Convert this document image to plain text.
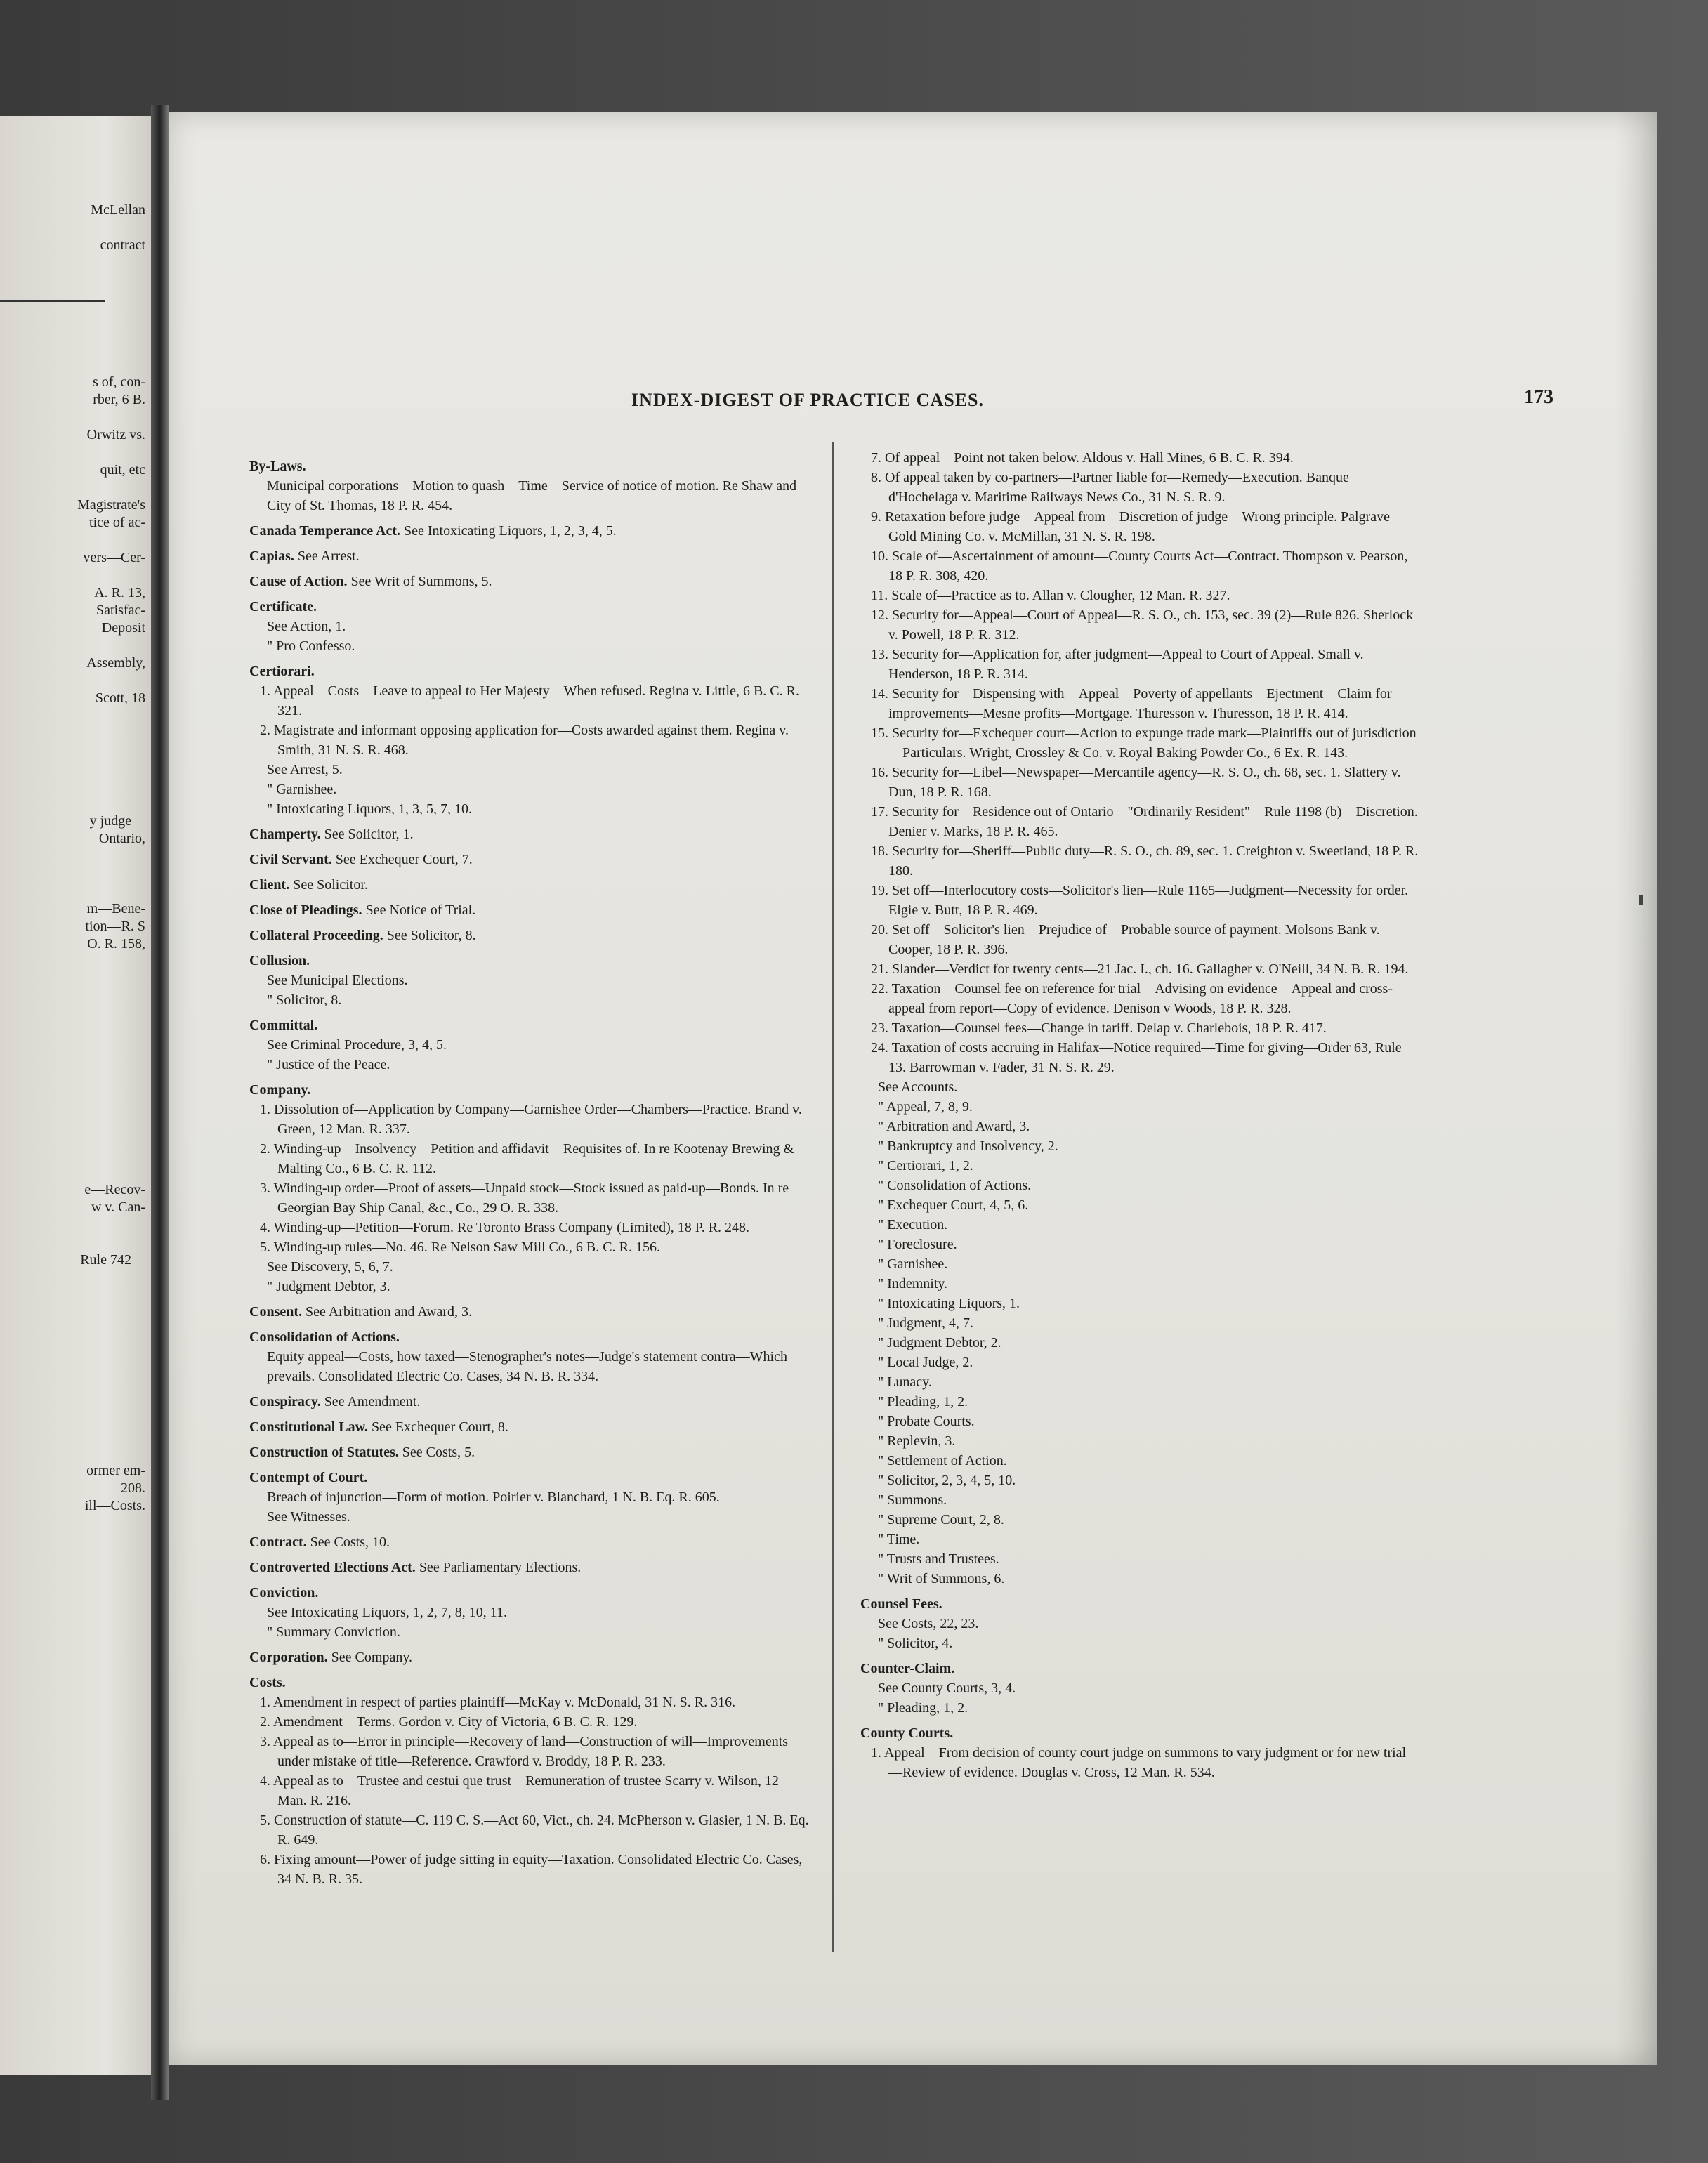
McLellan
contract
s of, con-
rber, 6 B.
Orwitz vs.
quit, etc
Magistrate's
tice of ac-
vers—Cer-
A. R. 13,
Satisfac-
Deposit
Assembly,
Scott, 18
y judge—
Ontario,
m—Bene-
tion—R. S
O. R. 158,
e—Recov-
w v. Can-
Rule 742—
ormer em-
208.
ill—Costs.
INDEX-DIGEST OF PRACTICE CASES.	173
By-Laws.
Municipal corporations—Motion to quash—Time—Service of notice of motion. Re Shaw and City of St. Thomas, 18 P. R. 454.
Canada Temperance Act. See Intoxicating Liquors, 1, 2, 3, 4, 5.
Capias. See Arrest.
Cause of Action. See Writ of Summons, 5.
Certificate.
See Action, 1.
" Pro Confesso.
Certiorari.
1. Appeal—Costs—Leave to appeal to Her Majesty—When refused. Regina v. Little, 6 B. C. R. 321.
2. Magistrate and informant opposing application for—Costs awarded against them. Regina v. Smith, 31 N. S. R. 468.
See Arrest, 5.
" Garnishee.
" Intoxicating Liquors, 1, 3, 5, 7, 10.
Champerty. See Solicitor, 1.
Civil Servant. See Exchequer Court, 7.
Client. See Solicitor.
Close of Pleadings. See Notice of Trial.
Collateral Proceeding. See Solicitor, 8.
Collusion.
See Municipal Elections.
" Solicitor, 8.
Committal.
See Criminal Procedure, 3, 4, 5.
" Justice of the Peace.
Company.
1. Dissolution of—Application by Company—Garnishee Order—Chambers—Practice. Brand v. Green, 12 Man. R. 337.
2. Winding-up—Insolvency—Petition and affidavit—Requisites of. In re Kootenay Brewing & Malting Co., 6 B. C. R. 112.
3. Winding-up order—Proof of assets—Unpaid stock—Stock issued as paid-up—Bonds. In re Georgian Bay Ship Canal, &c., Co., 29 O. R. 338.
4. Winding-up—Petition—Forum. Re Toronto Brass Company (Limited), 18 P. R. 248.
5. Winding-up rules—No. 46. Re Nelson Saw Mill Co., 6 B. C. R. 156.
See Discovery, 5, 6, 7.
" Judgment Debtor, 3.
Consent. See Arbitration and Award, 3.
Consolidation of Actions.
Equity appeal—Costs, how taxed—Stenographer's notes—Judge's statement contra—Which prevails. Consolidated Electric Co. Cases, 34 N. B. R. 334.
Conspiracy. See Amendment.
Constitutional Law. See Exchequer Court, 8.
Construction of Statutes. See Costs, 5.
Contempt of Court.
Breach of injunction—Form of motion. Poirier v. Blanchard, 1 N. B. Eq. R. 605.
See Witnesses.
Contract. See Costs, 10.
Controverted Elections Act. See Parliamentary Elections.
Conviction.
See Intoxicating Liquors, 1, 2, 7, 8, 10, 11.
" Summary Conviction.
Corporation. See Company.
Costs.
1. Amendment in respect of parties plaintiff—McKay v. McDonald, 31 N. S. R. 316.
2. Amendment—Terms. Gordon v. City of Victoria, 6 B. C. R. 129.
3. Appeal as to—Error in principle—Recovery of land—Construction of will—Improvements under mistake of title—Reference. Crawford v. Broddy, 18 P. R. 233.
4. Appeal as to—Trustee and cestui que trust—Remuneration of trustee Scarry v. Wilson, 12 Man. R. 216.
5. Construction of statute—C. 119 C. S.—Act 60, Vict., ch. 24. McPherson v. Glasier, 1 N. B. Eq. R. 649.
6. Fixing amount—Power of judge sitting in equity—Taxation. Consolidated Electric Co. Cases, 34 N. B. R. 35.
7. Of appeal—Point not taken below. Aldous v. Hall Mines, 6 B. C. R. 394.
8. Of appeal taken by co-partners—Partner liable for—Remedy—Execution. Banque d'Hochelaga v. Maritime Railways News Co., 31 N. S. R. 9.
9. Retaxation before judge—Appeal from—Discretion of judge—Wrong principle. Palgrave Gold Mining Co. v. McMillan, 31 N. S. R. 198.
10. Scale of—Ascertainment of amount—County Courts Act—Contract. Thompson v. Pearson, 18 P. R. 308, 420.
11. Scale of—Practice as to. Allan v. Clougher, 12 Man. R. 327.
12. Security for—Appeal—Court of Appeal—R. S. O., ch. 153, sec. 39 (2)—Rule 826. Sherlock v. Powell, 18 P. R. 312.
13. Security for—Application for, after judgment—Appeal to Court of Appeal. Small v. Henderson, 18 P. R. 314.
14. Security for—Dispensing with—Appeal—Poverty of appellants—Ejectment—Claim for improvements—Mesne profits—Mortgage. Thuresson v. Thuresson, 18 P. R. 414.
15. Security for—Exchequer court—Action to expunge trade mark—Plaintiffs out of jurisdiction—Particulars. Wright, Crossley & Co. v. Royal Baking Powder Co., 6 Ex. R. 143.
16. Security for—Libel—Newspaper—Mercantile agency—R. S. O., ch. 68, sec. 1. Slattery v. Dun, 18 P. R. 168.
17. Security for—Residence out of Ontario—"Ordinarily Resident"—Rule 1198 (b)—Discretion. Denier v. Marks, 18 P. R. 465.
18. Security for—Sheriff—Public duty—R. S. O., ch. 89, sec. 1. Creighton v. Sweetland, 18 P. R. 180.
19. Set off—Interlocutory costs—Solicitor's lien—Rule 1165—Judgment—Necessity for order. Elgie v. Butt, 18 P. R. 469.
20. Set off—Solicitor's lien—Prejudice of—Probable source of payment. Molsons Bank v. Cooper, 18 P. R. 396.
21. Slander—Verdict for twenty cents—21 Jac. I., ch. 16. Gallagher v. O'Neill, 34 N. B. R. 194.
22. Taxation—Counsel fee on reference for trial—Advising on evidence—Appeal and cross-appeal from report—Copy of evidence. Denison v Woods, 18 P. R. 328.
23. Taxation—Counsel fees—Change in tariff. Delap v. Charlebois, 18 P. R. 417.
24. Taxation of costs accruing in Halifax—Notice required—Time for giving—Order 63, Rule 13. Barrowman v. Fader, 31 N. S. R. 29.
See Accounts.
" Appeal, 7, 8, 9.
" Arbitration and Award, 3.
" Bankruptcy and Insolvency, 2.
" Certiorari, 1, 2.
" Consolidation of Actions.
" Exchequer Court, 4, 5, 6.
" Execution.
" Foreclosure.
" Garnishee.
" Indemnity.
" Intoxicating Liquors, 1.
" Judgment, 4, 7.
" Judgment Debtor, 2.
" Local Judge, 2.
" Lunacy.
" Pleading, 1, 2.
" Probate Courts.
" Replevin, 3.
" Settlement of Action.
" Solicitor, 2, 3, 4, 5, 10.
" Summons.
" Supreme Court, 2, 8.
" Time.
" Trusts and Trustees.
" Writ of Summons, 6.
Counsel Fees.
See Costs, 22, 23.
" Solicitor, 4.
Counter-Claim.
See County Courts, 3, 4.
" Pleading, 1, 2.
County Courts.
1. Appeal—From decision of county court judge on summons to vary judgment or for new trial—Review of evidence. Douglas v. Cross, 12 Man. R. 534.
